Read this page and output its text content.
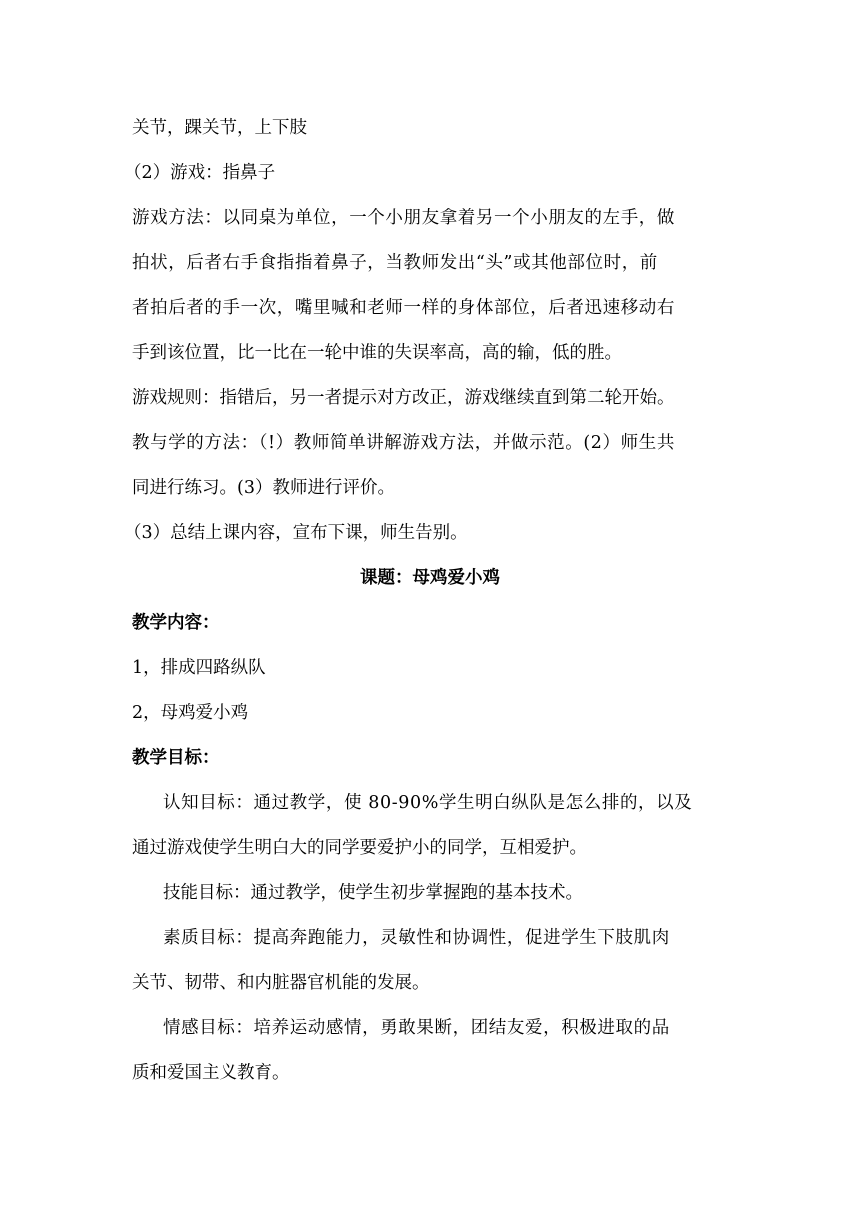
关节，踝关节，上下肢

（2）游戏：指鼻子

游戏方法：以同桌为单位，一个小朋友拿着另一个小朋友的左手，做

拍状，后者右手食指指着鼻子，当教师发出“头”或其他部位时，前

者拍后者的手一次，嘴里喊和老师一样的身体部位，后者迅速移动右

手到该位置，比一比在一轮中谁的失误率高，高的输，低的胜。

游戏规则：指错后，另一者提示对方改正，游戏继续直到第二轮开始。

教与学的方法：（!）教师简单讲解游戏方法，并做示范。(2）师生共

同进行练习。(3）教师进行评价。

（3）总结上课内容，宣布下课，师生告别。

课题：母鸡爱小鸡
教学内容：

1，排成四路纵队

2，母鸡爱小鸡

教学目标：

认知目标：通过教学，使 80-90%学生明白纵队是怎么排的，以及

通过游戏使学生明白大的同学要爱护小的同学，互相爱护。

技能目标：通过教学，使学生初步掌握跑的基本技术。

素质目标：提高奔跑能力，灵敏性和协调性，促进学生下肢肌肉

关节、韧带、和内脏器官机能的发展。

情感目标：培养运动感情，勇敢果断，团结友爱，积极进取的品

质和爱国主义教育。
